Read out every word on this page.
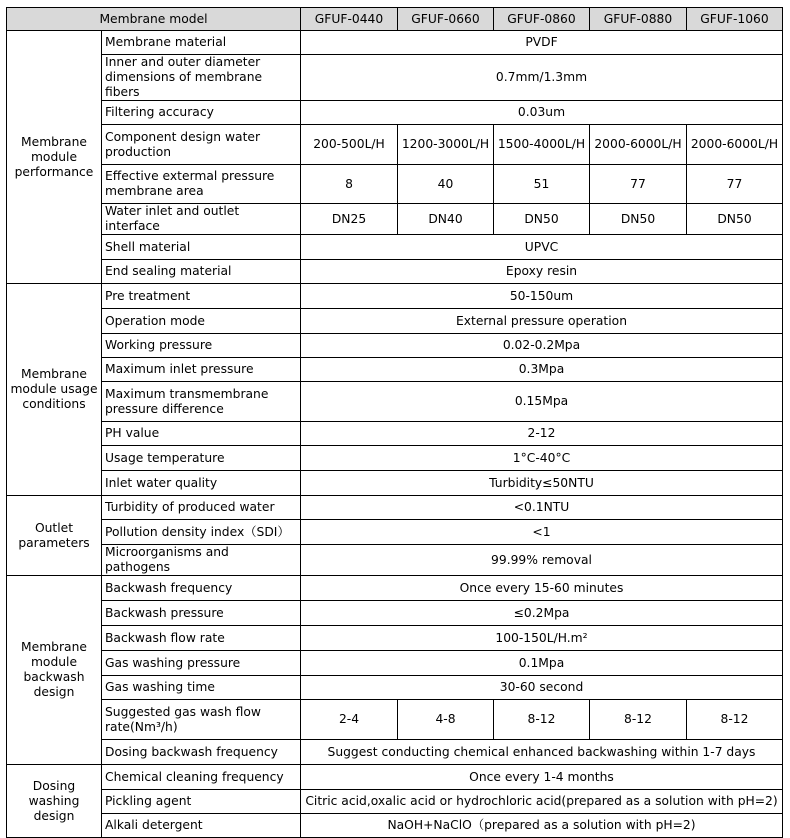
Membrane model		GFUF-0440	GFUF-0660	GFUF-0860	GFUF-0880	GFUF-1060
Membrane module performance	Membrane material	PVDF				
	Inner and outer diameter dimensions of membrane fibers	0.7mm/1.3mm				
	Filtering accuracy	0.03um				
	Component design water production	200-500L/H	1200-3000L/H	1500-4000L/H	2000-6000L/H	2000-6000L/H
	Effective extermal pressure membrane area	8	40	51	77	77
	Water inlet and outlet interface	DN25	DN40	DN50	DN50	DN50
	Shell material	UPVC				
	End sealing material	Epoxy resin				
Membrane module usage conditions	Pre treatment	50-150um				
	Operation mode	External pressure operation				
	Working pressure	0.02-0.2Mpa				
	Maximum inlet pressure	0.3Mpa				
	Maximum transmembrane pressure difference	0.15Mpa				
	PH value	2-12				
	Usage temperature	1°C-40°C				
	Inlet water quality	Turbidity≤50NTU				
Outlet parameters	Turbidity of produced water	<0.1NTU				
	Pollution density index（SDI）	<1				
	Microorganisms and pathogens	99.99% removal				
Membrane module backwash design	Backwash frequency	Once every 15-60 minutes				
	Backwash pressure	≤0.2Mpa				
	Backwash flow rate	100-150L/H.m²				
	Gas washing pressure	0.1Mpa				
	Gas washing time	30-60 second				
	Suggested gas wash flow rate(Nm³/h)	2-4	4-8	8-12	8-12	8-12
	Dosing backwash frequency	Suggest conducting chemical enhanced backwashing within 1-7 days				
Dosing washing design	Chemical cleaning frequency	Once every 1-4 months				
	Pickling agent	Citric acid,oxalic acid or hydrochloric acid(prepared as a solution with pH=2)				
	Alkali detergent	NaOH+NaClO（prepared as a solution with pH=2)				
